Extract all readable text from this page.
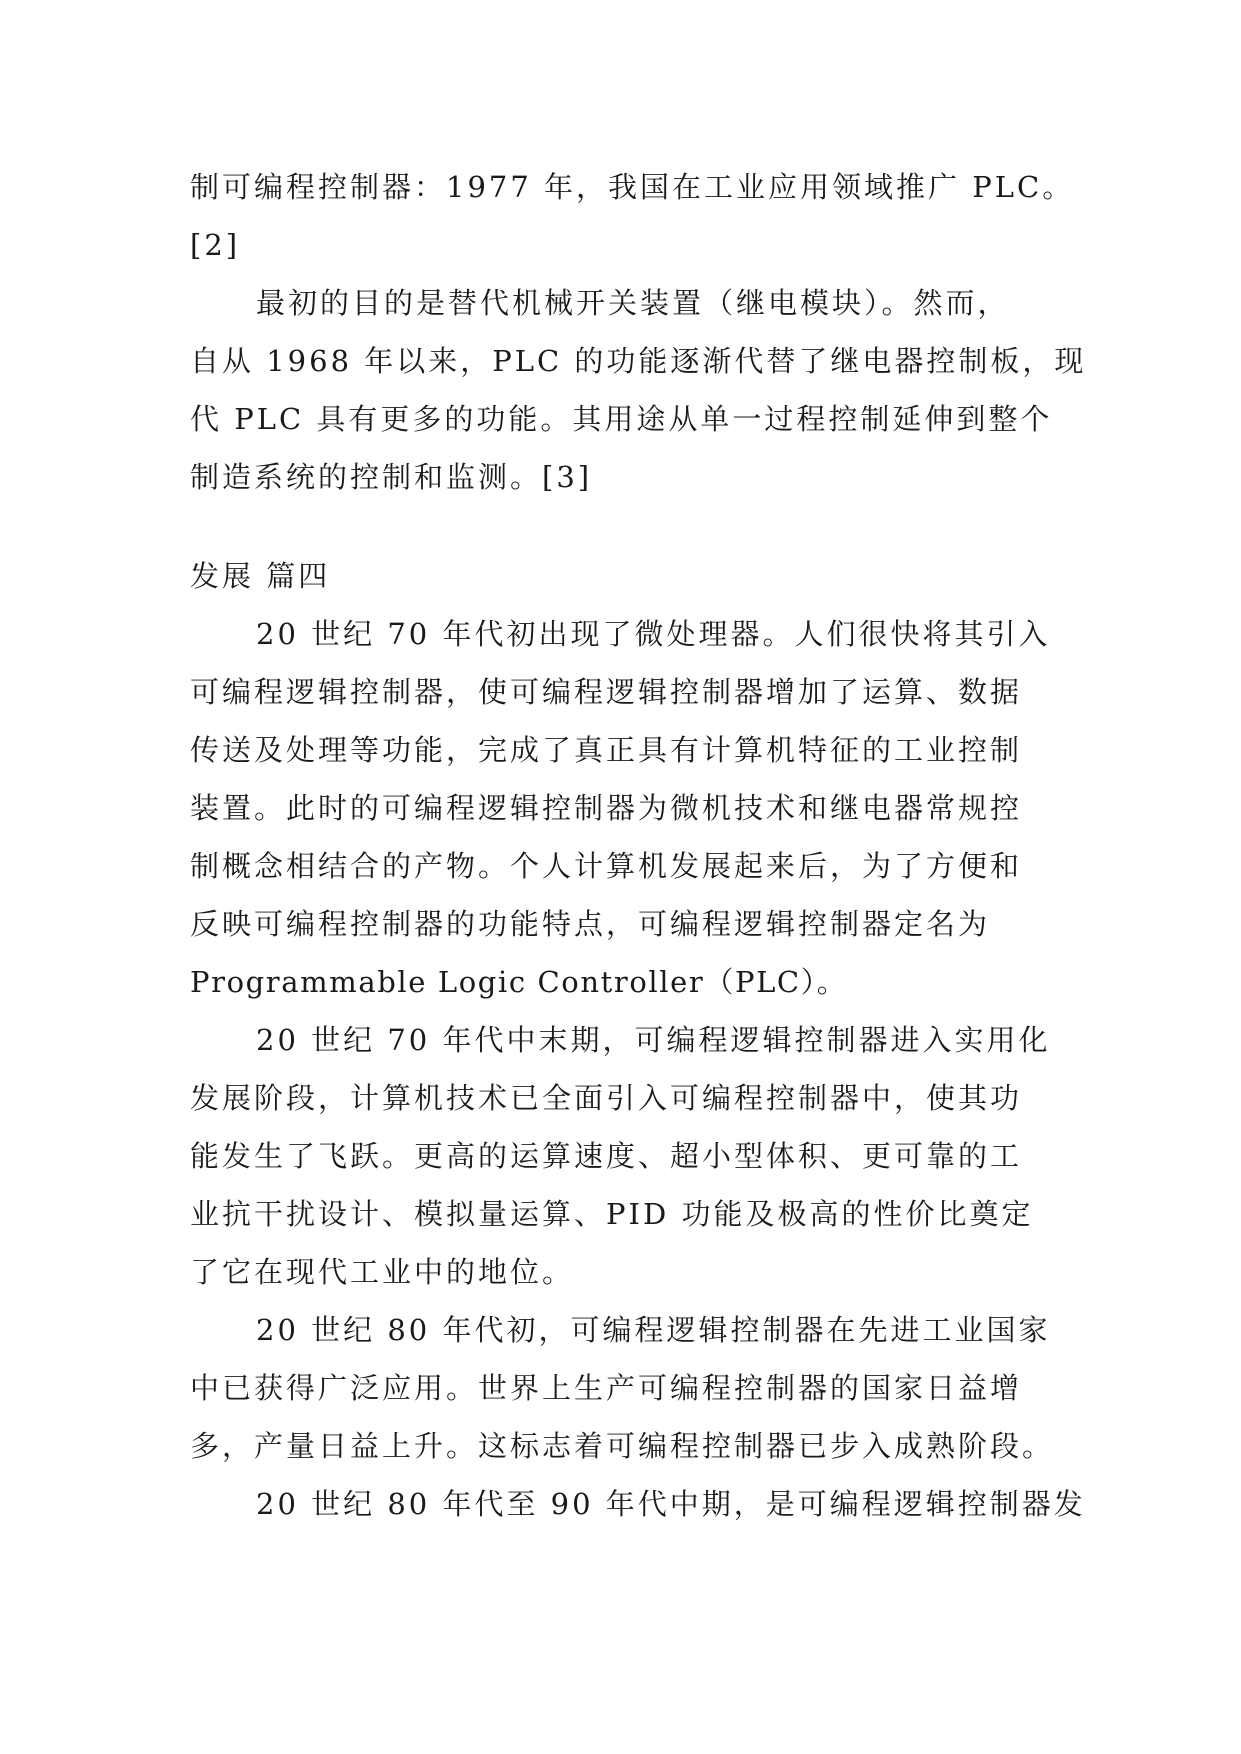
制可编程控制器：1977 年，我国在工业应用领域推广 PLC。
[2]
最初的目的是替代机械开关装置（继电模块）。然而，
自从 1968 年以来，PLC 的功能逐渐代替了继电器控制板，现
代 PLC 具有更多的功能。其用途从单一过程控制延伸到整个
制造系统的控制和监测。[3]
发展 篇四
20 世纪 70 年代初出现了微处理器。人们很快将其引入
可编程逻辑控制器，使可编程逻辑控制器增加了运算、数据
传送及处理等功能，完成了真正具有计算机特征的工业控制
装置。此时的可编程逻辑控制器为微机技术和继电器常规控
制概念相结合的产物。个人计算机发展起来后，为了方便和
反映可编程控制器的功能特点，可编程逻辑控制器定名为
Programmable Logic Controller（PLC）。
20 世纪 70 年代中末期，可编程逻辑控制器进入实用化
发展阶段，计算机技术已全面引入可编程控制器中，使其功
能发生了飞跃。更高的运算速度、超小型体积、更可靠的工
业抗干扰设计、模拟量运算、PID 功能及极高的性价比奠定
了它在现代工业中的地位。
20 世纪 80 年代初，可编程逻辑控制器在先进工业国家
中已获得广泛应用。世界上生产可编程控制器的国家日益增
多，产量日益上升。这标志着可编程控制器已步入成熟阶段。
20 世纪 80 年代至 90 年代中期，是可编程逻辑控制器发
